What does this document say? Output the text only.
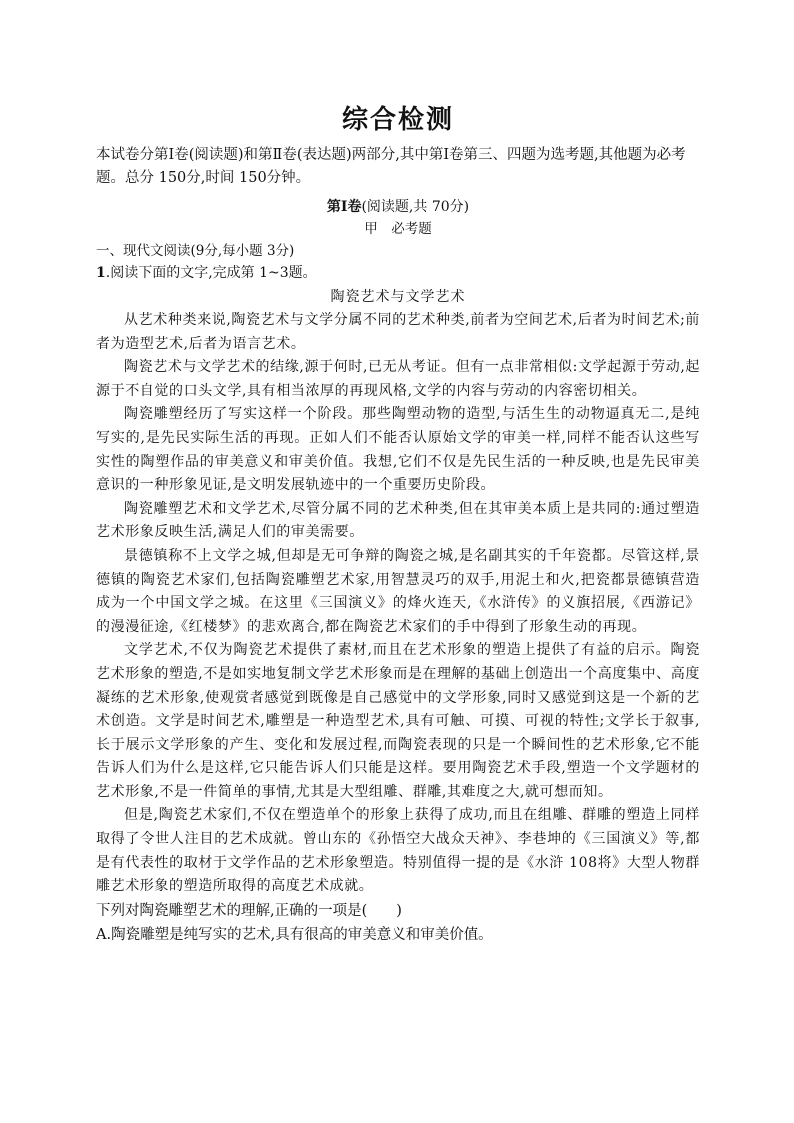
综合检测

本试卷分第Ⅰ卷(阅读题)和第Ⅱ卷(表达题)两部分,其中第Ⅰ卷第三、四题为选考题,其他题为必考题。总分 150分,时间 150分钟。

第Ⅰ卷(阅读题,共 70分)

甲　必考题

一、现代文阅读(9分,每小题 3分)

1.阅读下面的文字,完成第 1~3题。

陶瓷艺术与文学艺术

从艺术种类来说,陶瓷艺术与文学分属不同的艺术种类,前者为空间艺术,后者为时间艺术;前者为造型艺术,后者为语言艺术。

陶瓷艺术与文学艺术的结缘,源于何时,已无从考证。但有一点非常相似:文学起源于劳动,起源于不自觉的口头文学,具有相当浓厚的再现风格,文学的内容与劳动的内容密切相关。

陶瓷雕塑经历了写实这样一个阶段。那些陶塑动物的造型,与活生生的动物逼真无二,是纯写实的,是先民实际生活的再现。正如人们不能否认原始文学的审美一样,同样不能否认这些写实性的陶塑作品的审美意义和审美价值。我想,它们不仅是先民生活的一种反映,也是先民审美意识的一种形象见证,是文明发展轨迹中的一个重要历史阶段。

陶瓷雕塑艺术和文学艺术,尽管分属不同的艺术种类,但在其审美本质上是共同的:通过塑造艺术形象反映生活,满足人们的审美需要。

景德镇称不上文学之城,但却是无可争辩的陶瓷之城,是名副其实的千年瓷都。尽管这样,景德镇的陶瓷艺术家们,包括陶瓷雕塑艺术家,用智慧灵巧的双手,用泥土和火,把瓷都景德镇营造成为一个中国文学之城。在这里《三国演义》的烽火连天,《水浒传》的义旗招展,《西游记》的漫漫征途,《红楼梦》的悲欢离合,都在陶瓷艺术家们的手中得到了形象生动的再现。

文学艺术,不仅为陶瓷艺术提供了素材,而且在艺术形象的塑造上提供了有益的启示。陶瓷艺术形象的塑造,不是如实地复制文学艺术形象而是在理解的基础上创造出一个高度集中、高度凝练的艺术形象,使观赏者感觉到既像是自己感觉中的文学形象,同时又感觉到这是一个新的艺术创造。文学是时间艺术,雕塑是一种造型艺术,具有可触、可摸、可视的特性;文学长于叙事,长于展示文学形象的产生、变化和发展过程,而陶瓷表现的只是一个瞬间性的艺术形象,它不能告诉人们为什么是这样,它只能告诉人们只能是这样。要用陶瓷艺术手段,塑造一个文学题材的艺术形象,不是一件简单的事情,尤其是大型组雕、群雕,其难度之大,就可想而知。

但是,陶瓷艺术家们,不仅在塑造单个的形象上获得了成功,而且在组雕、群雕的塑造上同样取得了令世人注目的艺术成就。曾山东的《孙悟空大战众天神》、李巷坤的《三国演义》等,都是有代表性的取材于文学作品的艺术形象塑造。特别值得一提的是《水浒 108将》大型人物群雕艺术形象的塑造所取得的高度艺术成就。

下列对陶瓷雕塑艺术的理解,正确的一项是(　　)

A.陶瓷雕塑是纯写实的艺术,具有很高的审美意义和审美价值。
